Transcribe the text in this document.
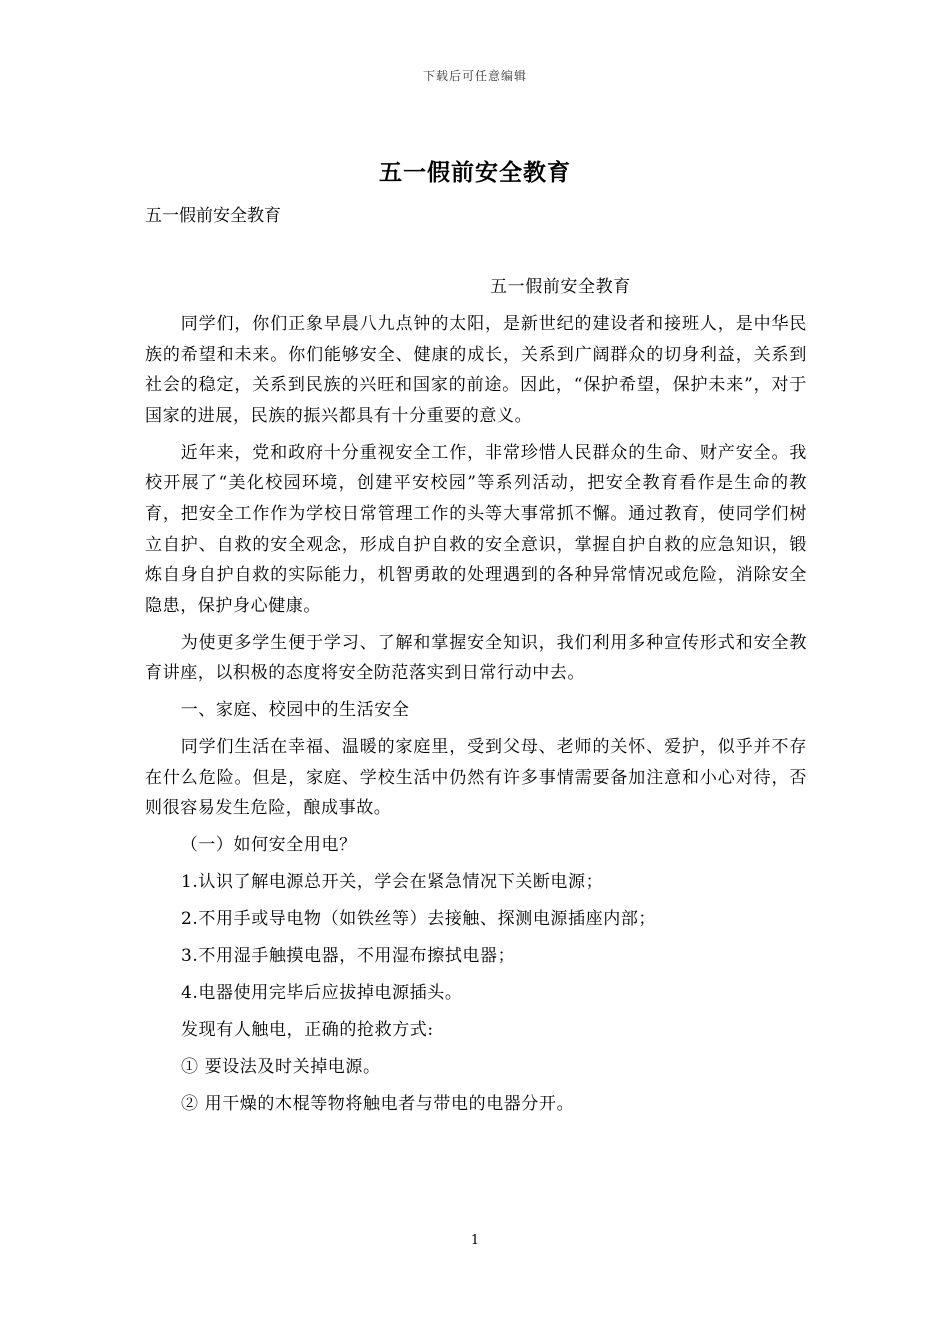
下载后可任意编辑
五一假前安全教育
五一假前安全教育

五一假前安全教育

同学们，你们正象早晨八九点钟的太阳，是新世纪的建设者和接班人，是中华民族的希望和未来。你们能够安全、健康的成长，关系到广阔群众的切身利益，关系到社会的稳定，关系到民族的兴旺和国家的前途。因此，“保护希望，保护未来”，对于国家的进展，民族的振兴都具有十分重要的意义。

近年来，党和政府十分重视安全工作，非常珍惜人民群众的生命、财产安全。我校开展了“美化校园环境，创建平安校园”等系列活动，把安全教育看作是生命的教育，把安全工作作为学校日常管理工作的头等大事常抓不懈。通过教育，使同学们树立自护、自救的安全观念，形成自护自救的安全意识，掌握自护自救的应急知识，锻炼自身自护自救的实际能力，机智勇敢的处理遇到的各种异常情况或危险，消除安全隐患，保护身心健康。

为使更多学生便于学习、了解和掌握安全知识，我们利用多种宣传形式和安全教育讲座，以积极的态度将安全防范落实到日常行动中去。

一、家庭、校园中的生活安全

同学们生活在幸福、温暖的家庭里，受到父母、老师的关怀、爱护，似乎并不存在什么危险。但是，家庭、学校生活中仍然有许多事情需要备加注意和小心对待，否则很容易发生危险，酿成事故。

（一）如何安全用电？

1.认识了解电源总开关，学会在紧急情况下关断电源；

2.不用手或导电物（如铁丝等）去接触、探测电源插座内部；

3.不用湿手触摸电器，不用湿布擦拭电器；

4.电器使用完毕后应拔掉电源插头。

发现有人触电，正确的抢救方式:

① 要设法及时关掉电源。

② 用干燥的木棍等物将触电者与带电的电器分开。

1
